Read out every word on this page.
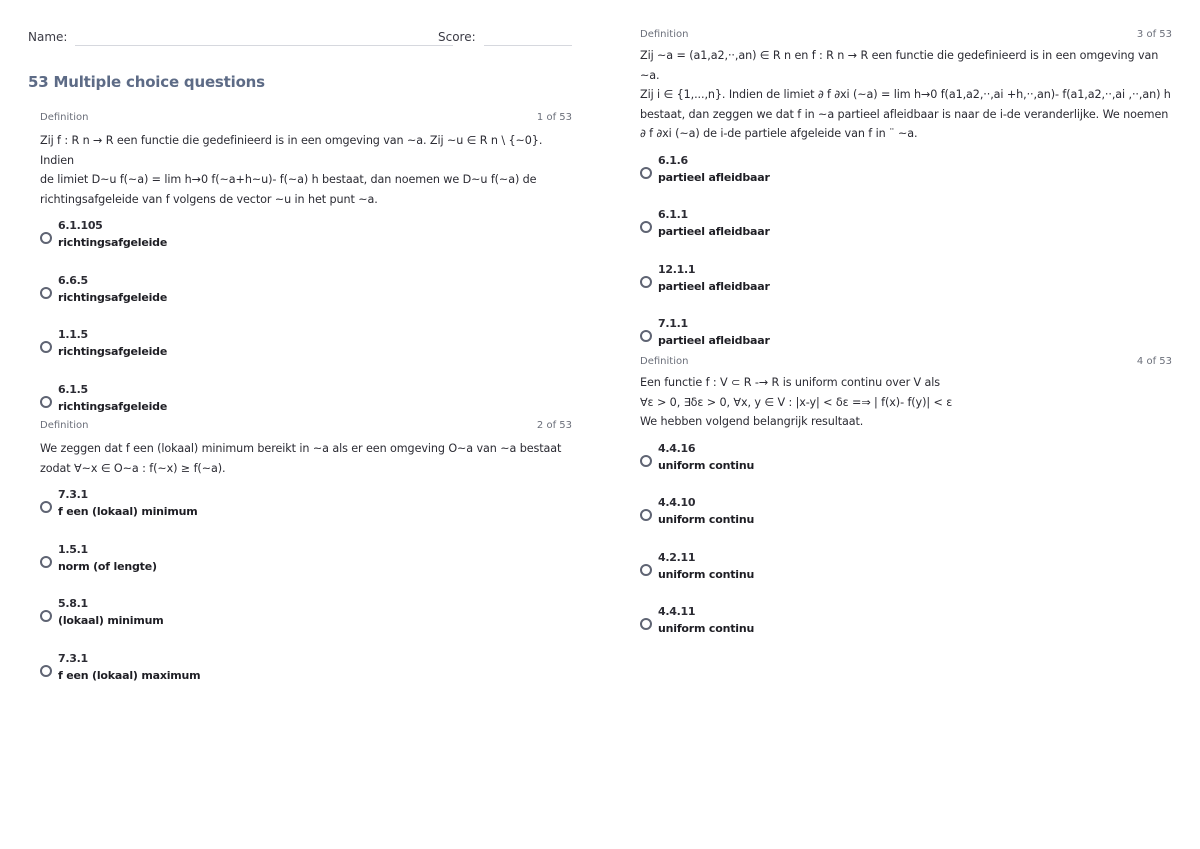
Name:	Score:
53 Multiple choice questions
Definition	1 of 53
Zij f : R n → R een functie die gedefinieerd is in een omgeving van ~a. Zij ~u ∈ R n \ {~0}. Indien
de limiet D~u f(~a) = lim h→0 f(~a+h~u)- f(~a) h bestaat, dan noemen we D~u f(~a) de
richtingsafgeleide van f volgens de vector ~u in het punt ~a.
6.1.105
richtingsafgeleide
6.6.5
richtingsafgeleide
1.1.5
richtingsafgeleide
6.1.5
richtingsafgeleide
Definition	2 of 53
We zeggen dat f een (lokaal) minimum bereikt in ~a als er een omgeving O~a van ~a bestaat
zodat ∀~x ∈ O~a : f(~x) ≥ f(~a).
7.3.1
f een (lokaal) minimum
1.5.1
norm (of lengte)
5.8.1
(lokaal) minimum
7.3.1
f een (lokaal) maximum
Definition	3 of 53
Zij ~a = (a1,a2,··,an) ∈ R n en f : R n → R een functie die gedefinieerd is in een omgeving van ~a.
Zij i ∈ {1,...,n}. Indien de limiet ∂ f ∂xi (~a) = lim h→0 f(a1,a2,··,ai +h,··,an)- f(a1,a2,··,ai ,··,an) h
bestaat, dan zeggen we dat f in ~a partieel afleidbaar is naar de i-de veranderlijke. We noemen
∂ f ∂xi (~a) de i-de partiele afgeleide van f in ¨ ~a.
6.1.6
partieel afleidbaar
6.1.1
partieel afleidbaar
12.1.1
partieel afleidbaar
7.1.1
partieel afleidbaar
Definition	4 of 53
Een functie f : V ⊂ R -→ R is uniform continu over V als
∀ε > 0, ∃δε > 0, ∀x, y ∈ V : |x-y| < δε =⇒ | f(x)- f(y)| < ε
We hebben volgend belangrijk resultaat.
4.4.16
uniform continu
4.4.10
uniform continu
4.2.11
uniform continu
4.4.11
uniform continu
